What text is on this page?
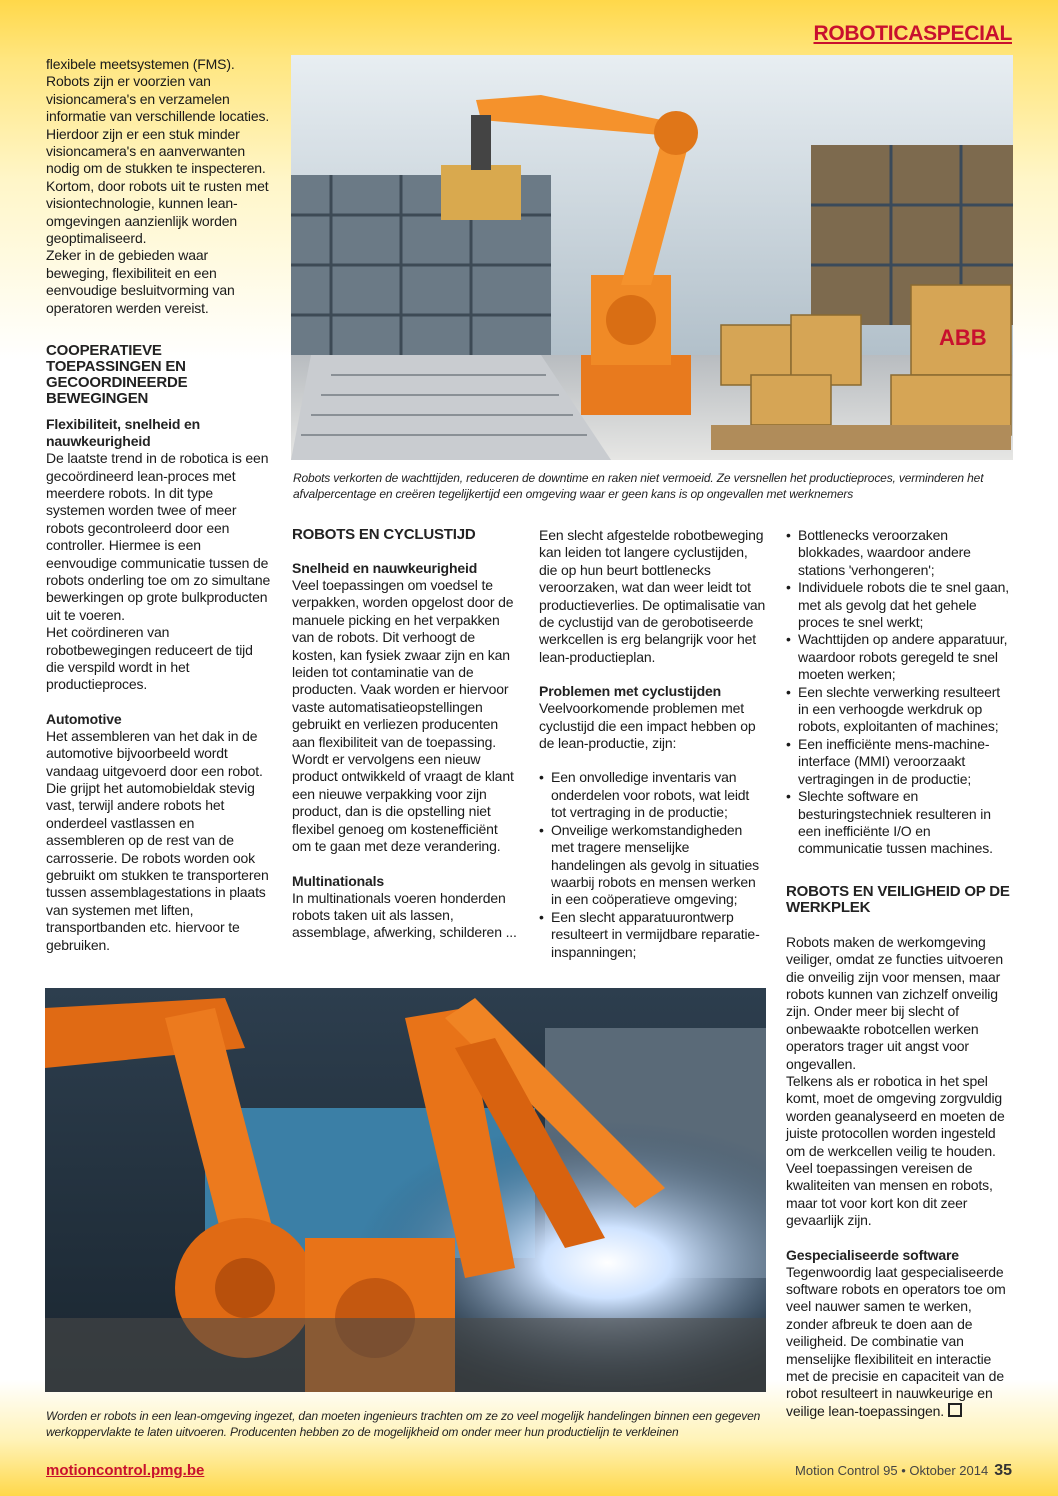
ROBOTICASPECIAL

flexibele meetsystemen (FMS). Robots zijn er voorzien van visioncamera's en verzamelen informatie van verschillende locaties. Hierdoor zijn er een stuk minder visioncamera's en aanverwanten nodig om de stukken te inspecteren. Kortom, door robots uit te rusten met visiontechnologie, kunnen lean-omgevingen aanzienlijk worden geoptimaliseerd.

Zeker in de gebieden waar beweging, flexibiliteit en een eenvoudige besluitvorming van operatoren werden vereist.

COOPERATIEVE TOEPASSINGEN EN GECOORDINEERDE BEWEGINGEN
Flexibiliteit, snelheid en nauwkeurigheid

De laatste trend in de robotica is een gecoördineerd lean-proces met meerdere robots. In dit type systemen worden twee of meer robots gecontroleerd door een controller. Hiermee is een eenvoudige communicatie tussen de robots onderling toe om zo simultane bewerkingen op grote bulkproducten uit te voeren.

Het coördineren van robotbewegingen reduceert de tijd die verspild wordt in het productieproces.

Automotive

Het assembleren van het dak in de automotive bijvoorbeeld wordt vandaag uitgevoerd door een robot. Die grijpt het automobieldak stevig vast, terwijl andere robots het onderdeel vastlassen en assembleren op de rest van de carrosserie. De robots worden ook gebruikt om stukken te transporteren tussen assemblagestations in plaats van systemen met liften, transportbanden etc. hiervoor te gebruiken.

ABB
Robots verkorten de wachttijden, reduceren de downtime en raken niet vermoeid. Ze versnellen het productieproces, verminderen het afvalpercentage en creëren tegelijkertijd een omgeving waar er geen kans is op ongevallen met werknemers
ROBOTS EN CYCLUSTIJD
Snelheid en nauwkeurigheid

Veel toepassingen om voedsel te verpakken, worden opgelost door de manuele picking en het verpakken van de robots. Dit verhoogt de kosten, kan fysiek zwaar zijn en kan leiden tot contaminatie van de producten. Vaak worden er hiervoor vaste automatisatieopstellingen gebruikt en verliezen producenten aan flexibiliteit van de toepassing. Wordt er vervolgens een nieuw product ontwikkeld of vraagt de klant een nieuwe verpakking voor zijn product, dan is die opstelling niet flexibel genoeg om kostenefficiënt om te gaan met deze verandering.

Multinationals

In multinationals voeren honderden robots taken uit als lassen, assemblage, afwerking, schilderen ...

Een slecht afgestelde robotbeweging kan leiden tot langere cyclustijden, die op hun beurt bottlenecks veroorzaken, wat dan weer leidt tot productieverlies. De optimalisatie van de cyclustijd van de gerobotiseerde werkcellen is erg belangrijk voor het lean-productieplan.

Problemen met cyclustijden

Veelvoorkomende problemen met cyclustijd die een impact hebben op de lean-productie, zijn:

• Een onvolledige inventaris van onderdelen voor robots, wat leidt tot vertraging in de productie;
• Onveilige werkomstandigheden met tragere menselijke handelingen als gevolg in situaties waarbij robots en mensen werken in een coöperatieve omgeving;
• Een slecht apparatuurontwerp resulteert in vermijdbare reparatie-inspanningen;
• Bottlenecks veroorzaken blokkades, waardoor andere stations 'verhongeren';
• Individuele robots die te snel gaan, met als gevolg dat het gehele proces te snel werkt;
• Wachttijden op andere apparatuur, waardoor robots geregeld te snel moeten werken;
• Een slechte verwerking resulteert in een verhoogde werkdruk op robots, exploitanten of machines;
• Een inefficiënte mens-machine-interface (MMI) veroorzaakt vertragingen in de productie;
• Slechte software en besturingstechniek resulteren in een inefficiënte I/O en communicatie tussen machines.
ROBOTS EN VEILIGHEID OP DE WERKPLEK

Robots maken de werkomgeving veiliger, omdat ze functies uitvoeren die onveilig zijn voor mensen, maar robots kunnen van zichzelf onveilig zijn. Onder meer bij slecht of onbewaakte robotcellen werken operators trager uit angst voor ongevallen.

Telkens als er robotica in het spel komt, moet de omgeving zorgvuldig worden geanalyseerd en moeten de juiste protocollen worden ingesteld om de werkcellen veilig te houden. Veel toepassingen vereisen de kwaliteiten van mensen en robots, maar tot voor kort kon dit zeer gevaarlijk zijn.

Gespecialiseerde software

Tegenwoordig laat gespecialiseerde software robots en operators toe om veel nauwer samen te werken, zonder afbreuk te doen aan de veiligheid. De combinatie van menselijke flexibiliteit en interactie met de precisie en capaciteit van de robot resulteert in nauwkeurige en veilige lean-toepassingen.

Worden er robots in een lean-omgeving ingezet, dan moeten ingenieurs trachten om ze zo veel mogelijk handelingen binnen een gegeven werkoppervlakte te laten uitvoeren. Producenten hebben zo de mogelijkheid om onder meer hun productielijn te verkleinen
motioncontrol.pmg.be	Motion Control 95 • Oktober 2014 35
